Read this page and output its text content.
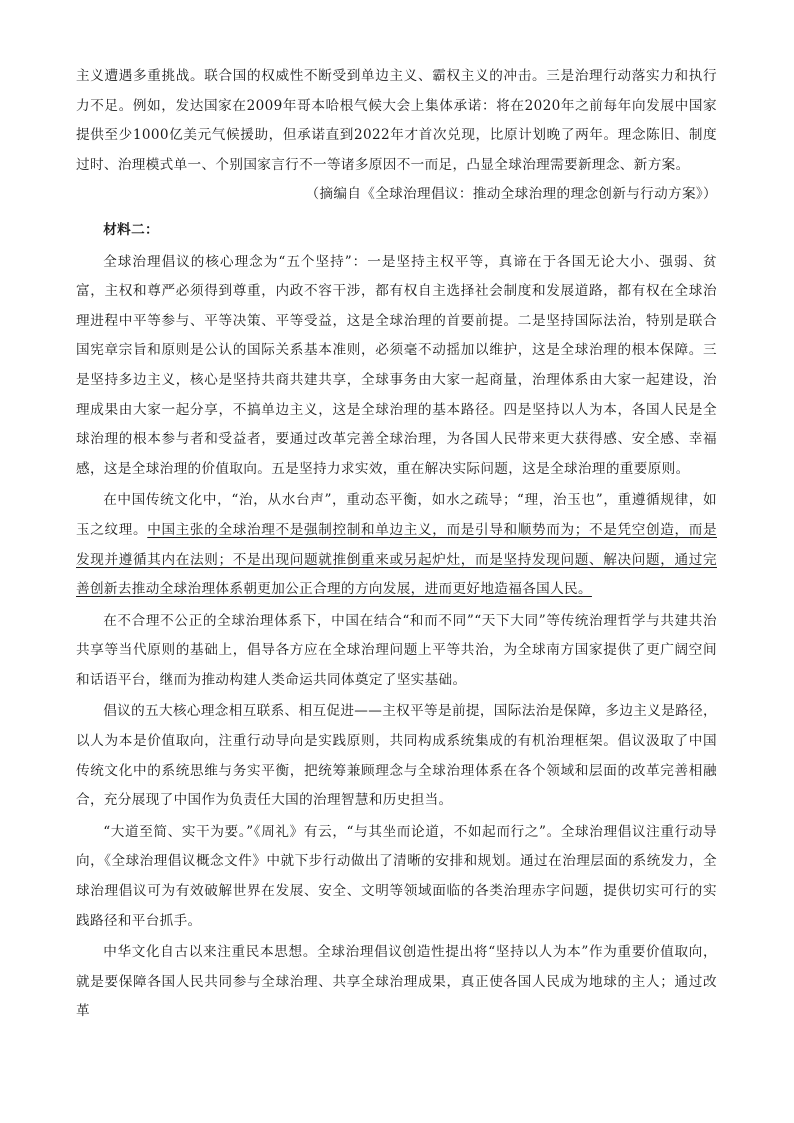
主义遭遇多重挑战。联合国的权威性不断受到单边主义、霸权主义的冲击。三是治理行动落实力和执行力不足。例如，发达国家在2009年哥本哈根气候大会上集体承诺：将在2020年之前每年向发展中国家提供至少1000亿美元气候援助，但承诺直到2022年才首次兑现，比原计划晚了两年。理念陈旧、制度过时、治理模式单一、个别国家言行不一等诸多原因不一而足，凸显全球治理需要新理念、新方案。

（摘编自《全球治理倡议：推动全球治理的理念创新与行动方案》）

材料二：

全球治理倡议的核心理念为“五个坚持”：一是坚持主权平等，真谛在于各国无论大小、强弱、贫富，主权和尊严必须得到尊重，内政不容干涉，都有权自主选择社会制度和发展道路，都有权在全球治理进程中平等参与、平等决策、平等受益，这是全球治理的首要前提。二是坚持国际法治，特别是联合国宪章宗旨和原则是公认的国际关系基本准则，必须毫不动摇加以维护，这是全球治理的根本保障。三是坚持多边主义，核心是坚持共商共建共享，全球事务由大家一起商量，治理体系由大家一起建设，治理成果由大家一起分享，不搞单边主义，这是全球治理的基本路径。四是坚持以人为本，各国人民是全球治理的根本参与者和受益者，要通过改革完善全球治理，为各国人民带来更大获得感、安全感、幸福感，这是全球治理的价值取向。五是坚持力求实效，重在解决实际问题，这是全球治理的重要原则。

在中国传统文化中，“治，从水台声”，重动态平衡，如水之疏导；“理，治玉也”，重遵循规律，如玉之纹理。中国主张的全球治理不是强制控制和单边主义，而是引导和顺势而为；不是凭空创造，而是发现并遵循其内在法则；不是出现问题就推倒重来或另起炉灶，而是坚持发现问题、解决问题，通过完善创新去推动全球治理体系朝更加公正合理的方向发展，进而更好地造福各国人民。

在不合理不公正的全球治理体系下，中国在结合“和而不同”“天下大同”等传统治理哲学与共建共治共享等当代原则的基础上，倡导各方应在全球治理问题上平等共治，为全球南方国家提供了更广阔空间和话语平台，继而为推动构建人类命运共同体奠定了坚实基础。

倡议的五大核心理念相互联系、相互促进——主权平等是前提，国际法治是保障，多边主义是路径，以人为本是价值取向，注重行动导向是实践原则，共同构成系统集成的有机治理框架。倡议汲取了中国传统文化中的系统思维与务实平衡，把统筹兼顾理念与全球治理体系在各个领域和层面的改革完善相融合，充分展现了中国作为负责任大国的治理智慧和历史担当。

“大道至简、实干为要。”《周礼》有云，“与其坐而论道，不如起而行之”。全球治理倡议注重行动导向，《全球治理倡议概念文件》中就下步行动做出了清晰的安排和规划。通过在治理层面的系统发力，全球治理倡议可为有效破解世界在发展、安全、文明等领域面临的各类治理赤字问题，提供切实可行的实践路径和平台抓手。

中华文化自古以来注重民本思想。全球治理倡议创造性提出将“坚持以人为本”作为重要价值取向，就是要保障各国人民共同参与全球治理、共享全球治理成果，真正使各国人民成为地球的主人；通过改革
